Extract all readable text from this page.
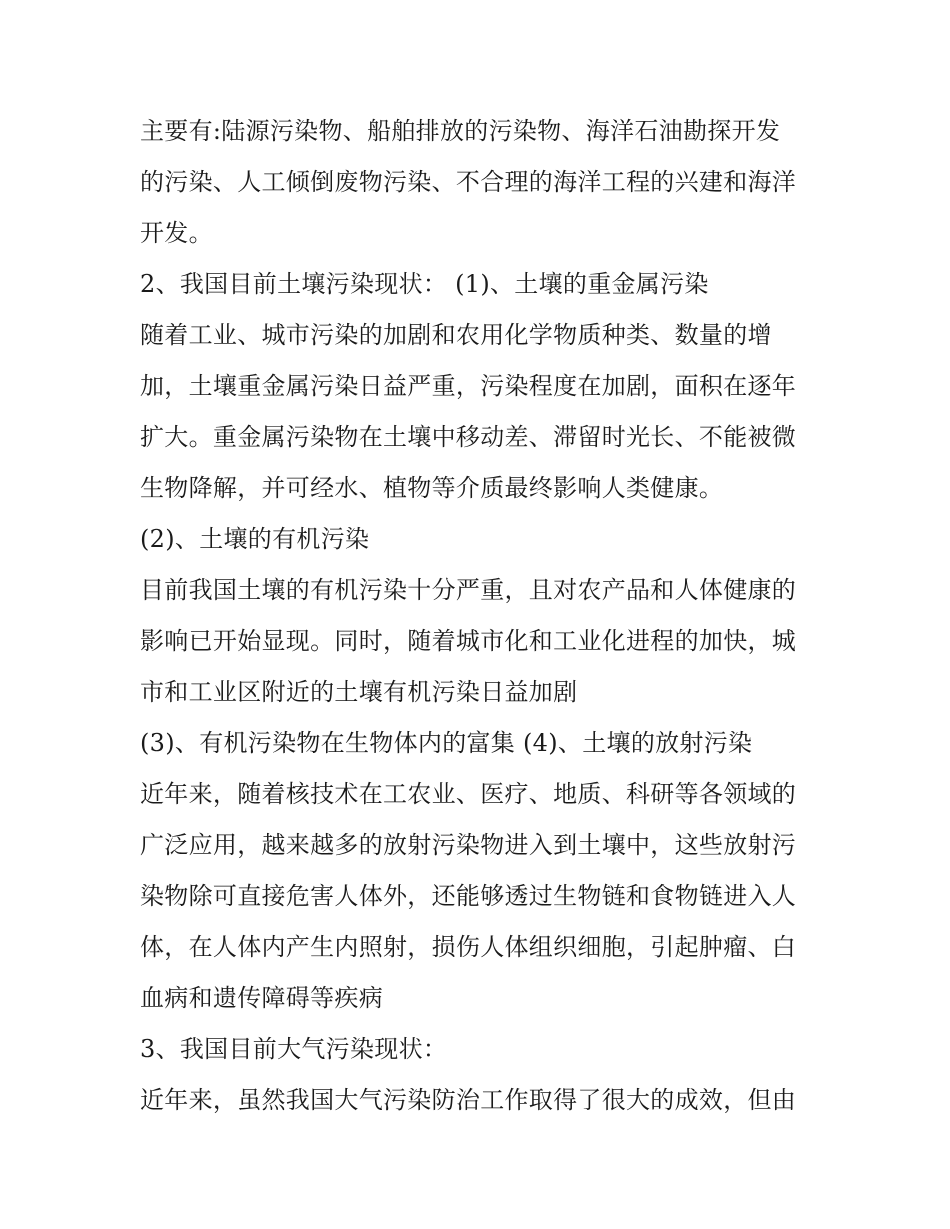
主要有:陆源污染物、船舶排放的污染物、海洋石油勘探开发
的污染、人工倾倒废物污染、不合理的海洋工程的兴建和海洋
开发。
2、我国目前土壤污染现状： (1)、土壤的重金属污染
随着工业、城市污染的加剧和农用化学物质种类、数量的增
加，土壤重金属污染日益严重，污染程度在加剧，面积在逐年
扩大。重金属污染物在土壤中移动差、滞留时光长、不能被微
生物降解，并可经水、植物等介质最终影响人类健康。
(2)、土壤的有机污染
目前我国土壤的有机污染十分严重，且对农产品和人体健康的
影响已开始显现。同时，随着城市化和工业化进程的加快，城
市和工业区附近的土壤有机污染日益加剧
(3)、有机污染物在生物体内的富集 (4)、土壤的放射污染
近年来，随着核技术在工农业、医疗、地质、科研等各领域的
广泛应用，越来越多的放射污染物进入到土壤中，这些放射污
染物除可直接危害人体外，还能够透过生物链和食物链进入人
体，在人体内产生内照射，损伤人体组织细胞，引起肿瘤、白
血病和遗传障碍等疾病
3、我国目前大气污染现状：
近年来，虽然我国大气污染防治工作取得了很大的成效，但由
